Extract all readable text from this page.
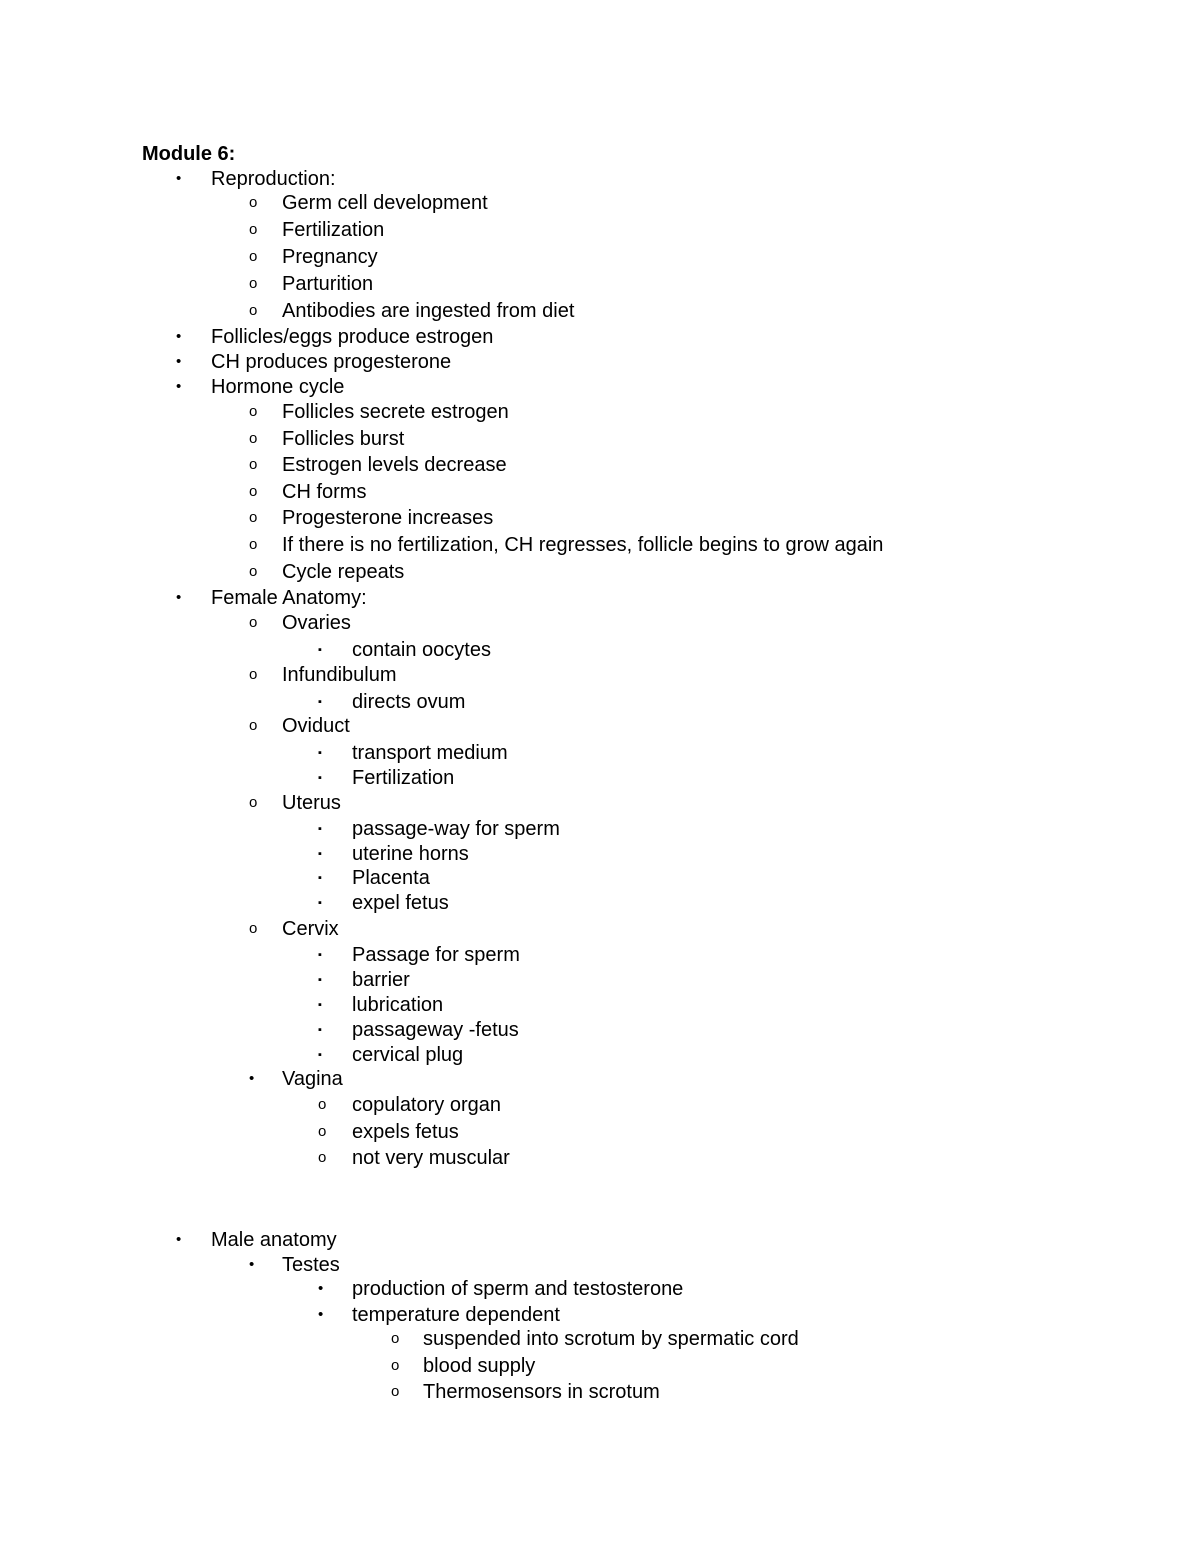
Module 6:
• Reproduction:
o Germ cell development
o Fertilization
o Pregnancy
o Parturition
o Antibodies are ingested from diet
• Follicles/eggs produce estrogen
• CH produces progesterone
• Hormone cycle
o Follicles secrete estrogen
o Follicles burst
o Estrogen levels decrease
o CH forms
o Progesterone increases
o If there is no fertilization, CH regresses, follicle begins to grow again
o Cycle repeats
• Female Anatomy:
o Ovaries
▪ contain oocytes
o Infundibulum
▪ directs ovum
o Oviduct
▪ transport medium
▪ Fertilization
o Uterus
▪ passage-way for sperm
▪ uterine horns
▪ Placenta
▪ expel fetus
o Cervix
▪ Passage for sperm
▪ barrier
▪ lubrication
▪ passageway -fetus
▪ cervical plug
• Vagina
o copulatory organ
o expels fetus
o not very muscular
• Male anatomy
• Testes
• production of sperm and testosterone
• temperature dependent
o suspended into scrotum by spermatic cord
o blood supply
o Thermosensors in scrotum
